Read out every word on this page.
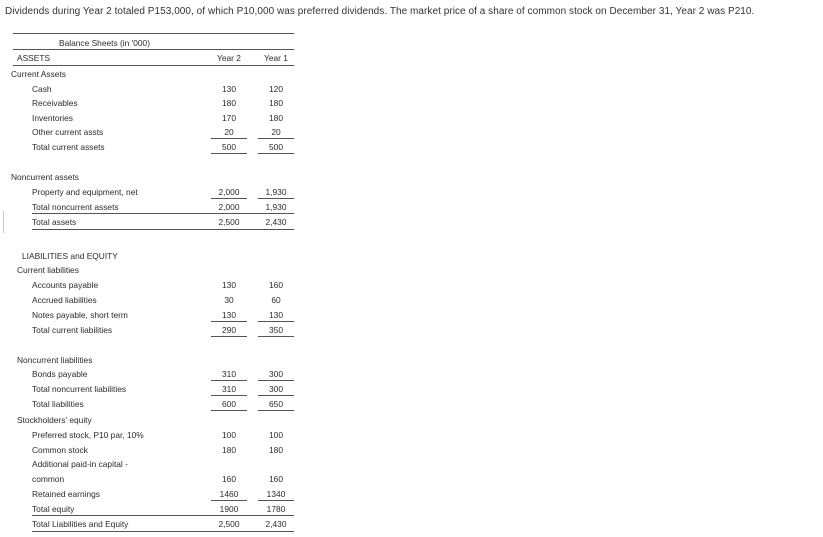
Dividends during Year 2 totaled P153,000, of which P10,000 was preferred dividends. The market price of a share of common stock on December 31, Year 2 was P210.
Balance Sheets (in '000)
ASSETS	Year 2	Year 1
Current Assets
Cash	130	120
Receivables	180	180
Inventories	170	180
Other current assts	20	20
Total current assets	500	500
Noncurrent assets
Property and equipment, net	2,000	1,930
Total noncurrent assets	2,000	1,930
Total assets	2,500	2,430
LIABILITIES and EQUITY
Current liabilities
Accounts payable	130	160
Accrued liabilities	30	60
Notes payable, short term	130	130
Total current liabilities	290	350
Noncurrent liabilities
Bonds payable	310	300
Total noncurrent liabilities	310	300
Total liabilities	600	650
Stockholders' equity
Preferred stock, P10 par, 10%	100	100
Common stock	180	180
Additional paid-in capital -
common	160	160
Retained earnings	1460	1340
Total equity	1900	1780
Total Liabilities and Equity	2,500	2,430
